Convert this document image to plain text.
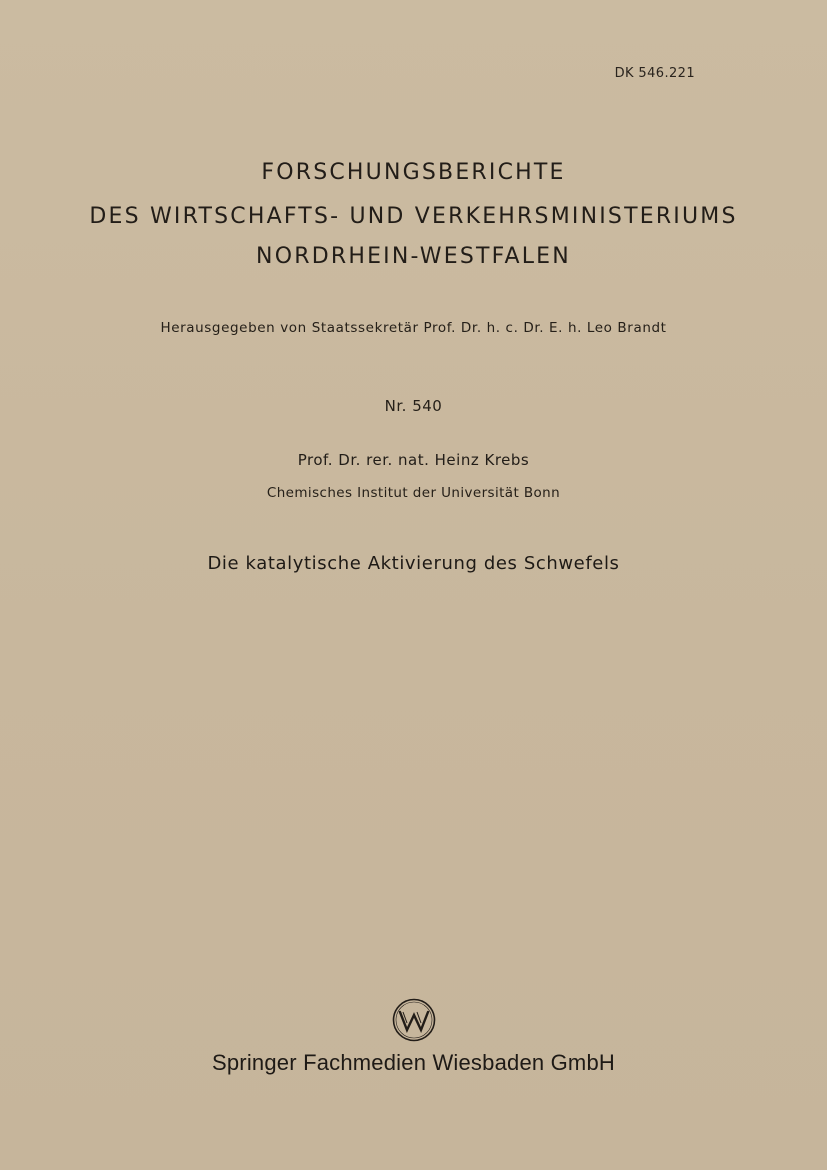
DK 546.221
FORSCHUNGSBERICHTE
DES WIRTSCHAFTS- UND VERKEHRSMINISTERIUMS
NORDRHEIN-WESTFALEN
Herausgegeben von Staatssekretär Prof. Dr. h. c. Dr. E. h. Leo Brandt
Nr. 540
Prof. Dr. rer. nat. Heinz Krebs
Chemisches Institut der Universität Bonn
Die katalytische Aktivierung des Schwefels
Springer Fachmedien Wiesbaden GmbH
